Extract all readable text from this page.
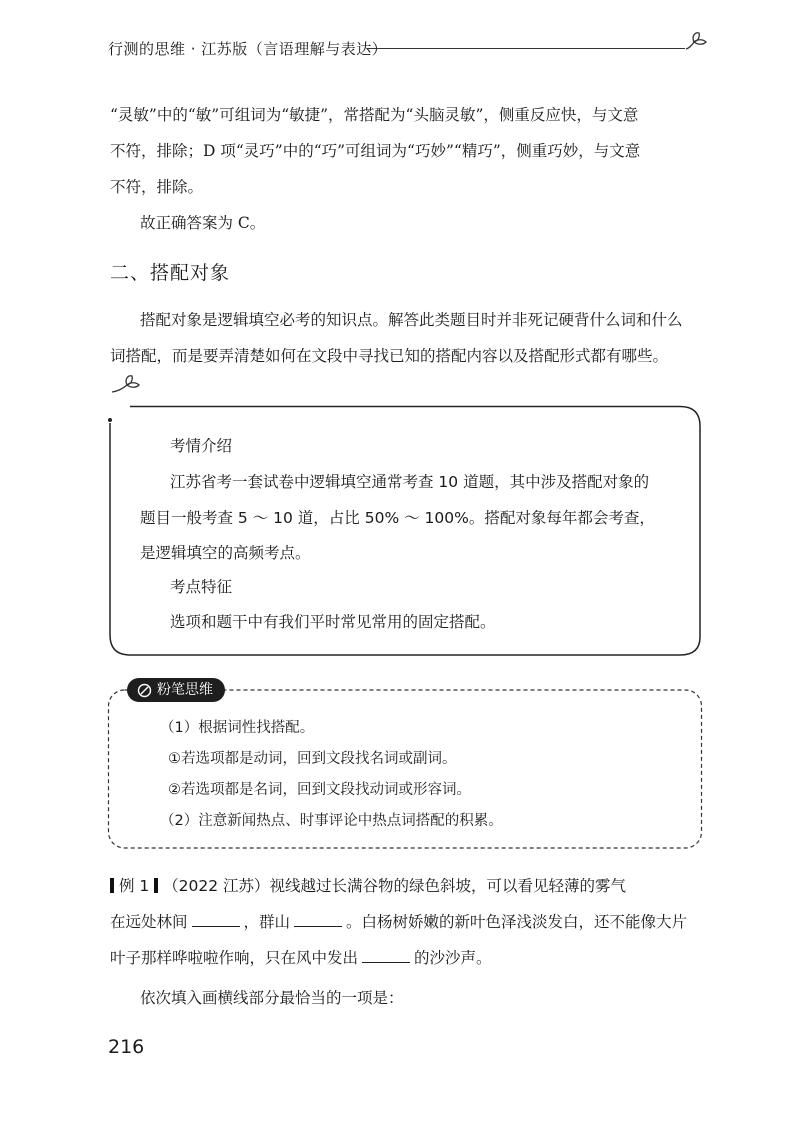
行测的思维 · 江苏版（言语理解与表达）
“灵敏”中的“敏”可组词为“敏捷”，常搭配为“头脑灵敏”，侧重反应快，与文意
不符，排除；D 项“灵巧”中的“巧”可组词为“巧妙”“精巧”，侧重巧妙，与文意
不符，排除。
故正确答案为 C。
二、搭配对象
搭配对象是逻辑填空必考的知识点。解答此类题目时并非死记硬背什么词和什么
词搭配，而是要弄清楚如何在文段中寻找已知的搭配内容以及搭配形式都有哪些。
考情介绍
江苏省考一套试卷中逻辑填空通常考查 10 道题，其中涉及搭配对象的
题目一般考查 5 ～ 10 道，占比 50% ～ 100%。搭配对象每年都会考查，
是逻辑填空的高频考点。
考点特征
选项和题干中有我们平时常见常用的固定搭配。
粉笔思维
（1）根据词性找搭配。
①若选项都是动词，回到文段找名词或副词。
②若选项都是名词，回到文段找动词或形容词。
（2）注意新闻热点、时事评论中热点词搭配的积累。
例 1 （2022 江苏）视线越过长满谷物的绿色斜坡，可以看见轻薄的雾气
在远处林间	，群山	。白杨树娇嫩的新叶色泽浅淡发白，还不能像大片
叶子那样哗啦啦作响，只在风中发出	的沙沙声。
依次填入画横线部分最恰当的一项是：
216
